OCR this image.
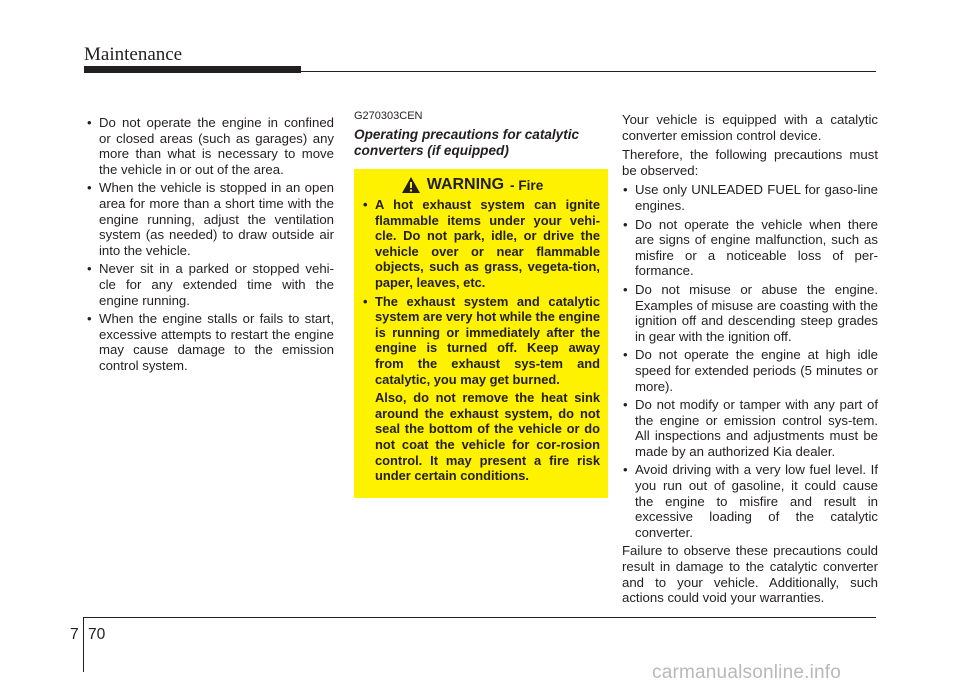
Maintenance
• Do not operate the engine in confined or closed areas (such as garages) any more than what is necessary to move the vehicle in or out of the area.
• When the vehicle is stopped in an open area for more than a short time with the engine running, adjust the ventilation system (as needed) to draw outside air into the vehicle.
• Never sit in a parked or stopped vehi-cle for any extended time with the engine running.
• When the engine stalls or fails to start, excessive attempts to restart the engine may cause damage to the emission control system.
G270303CEN
Operating precautions for catalytic converters (if equipped)
WARNING - Fire
• A hot exhaust system can ignite flammable items under your vehi-cle. Do not park, idle, or drive the vehicle over or near flammable objects, such as grass, vegeta-tion, paper, leaves, etc.
• The exhaust system and catalytic system are very hot while the engine is running or immediately after the engine is turned off. Keep away from the exhaust sys-tem and catalytic, you may get burned.

Also, do not remove the heat sink around the exhaust system, do not seal the bottom of the vehicle or do not coat the vehicle for cor-rosion control. It may present a fire risk under certain conditions.

Your vehicle is equipped with a catalytic converter emission control device.

Therefore, the following precautions must be observed:

• Use only UNLEADED FUEL for gaso-line engines.
• Do not operate the vehicle when there are signs of engine malfunction, such as misfire or a noticeable loss of per-formance.
• Do not misuse or abuse the engine. Examples of misuse are coasting with the ignition off and descending steep grades in gear with the ignition off.
• Do not operate the engine at high idle speed for extended periods (5 minutes or more).
• Do not modify or tamper with any part of the engine or emission control sys-tem. All inspections and adjustments must be made by an authorized Kia dealer.
• Avoid driving with a very low fuel level. If you run out of gasoline, it could cause the engine to misfire and result in excessive loading of the catalytic converter.

Failure to observe these precautions could result in damage to the catalytic converter and to your vehicle. Additionally, such actions could void your warranties.

7 70
carmanualsonline.info
